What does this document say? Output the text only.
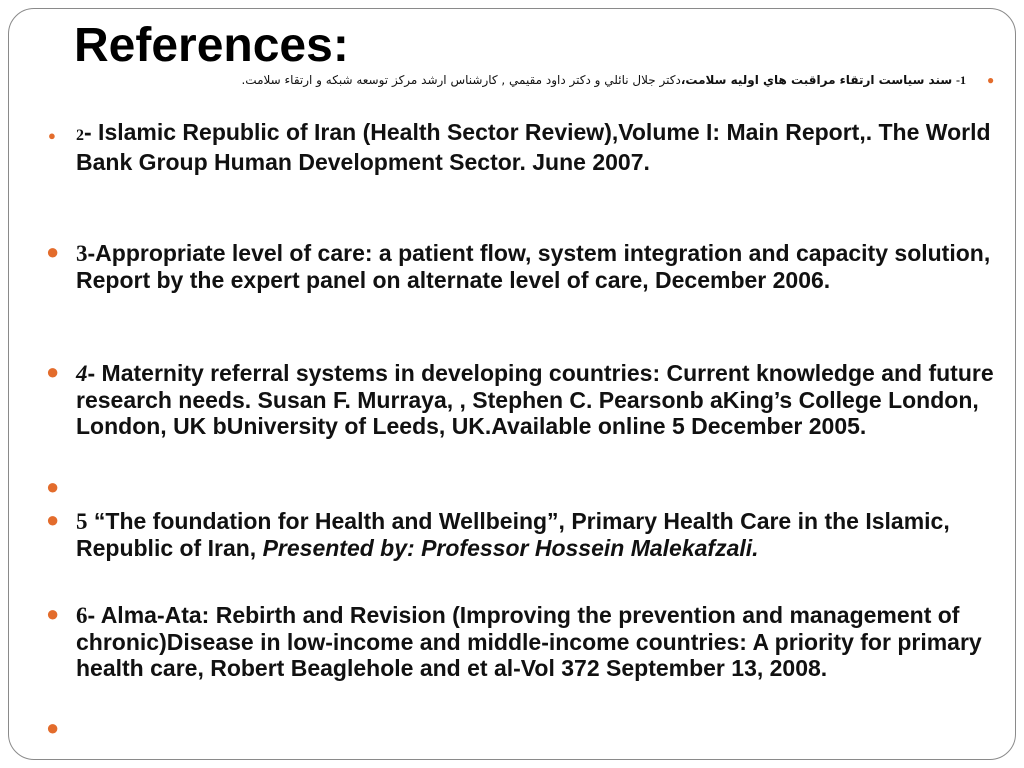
References:
●
1- سند سياست ارتقاء مراقبت هاي اوليه سلامت،دكتر جلال نائلي و دكتر داود مقيمي , كارشناس ارشد مركز توسعه شبكه و ارتقاء سلامت.
● 2- Islamic Republic of Iran (Health Sector Review),Volume I: Main Report,. The World Bank Group Human Development Sector. June 2007.
● 3-Appropriate level of care: a patient flow, system integration and capacity solution, Report by the expert panel on alternate level of care, December 2006.
● 4- Maternity referral systems in developing countries: Current knowledge and future research needs. Susan F. Murraya, , Stephen C. Pearsonb aKing’s College London, London, UK bUniversity of Leeds, UK.Available online 5 December 2005.
●
● 5 “The foundation for Health and Wellbeing”, Primary Health Care in the Islamic, Republic of Iran, Presented by: Professor Hossein Malekafzali.
● 6- Alma-Ata: Rebirth and Revision (Improving the prevention and management of chronic)Disease in low-income and middle-income countries: A priority for primary health care, Robert Beaglehole and et al-Vol 372 September 13, 2008.
●
